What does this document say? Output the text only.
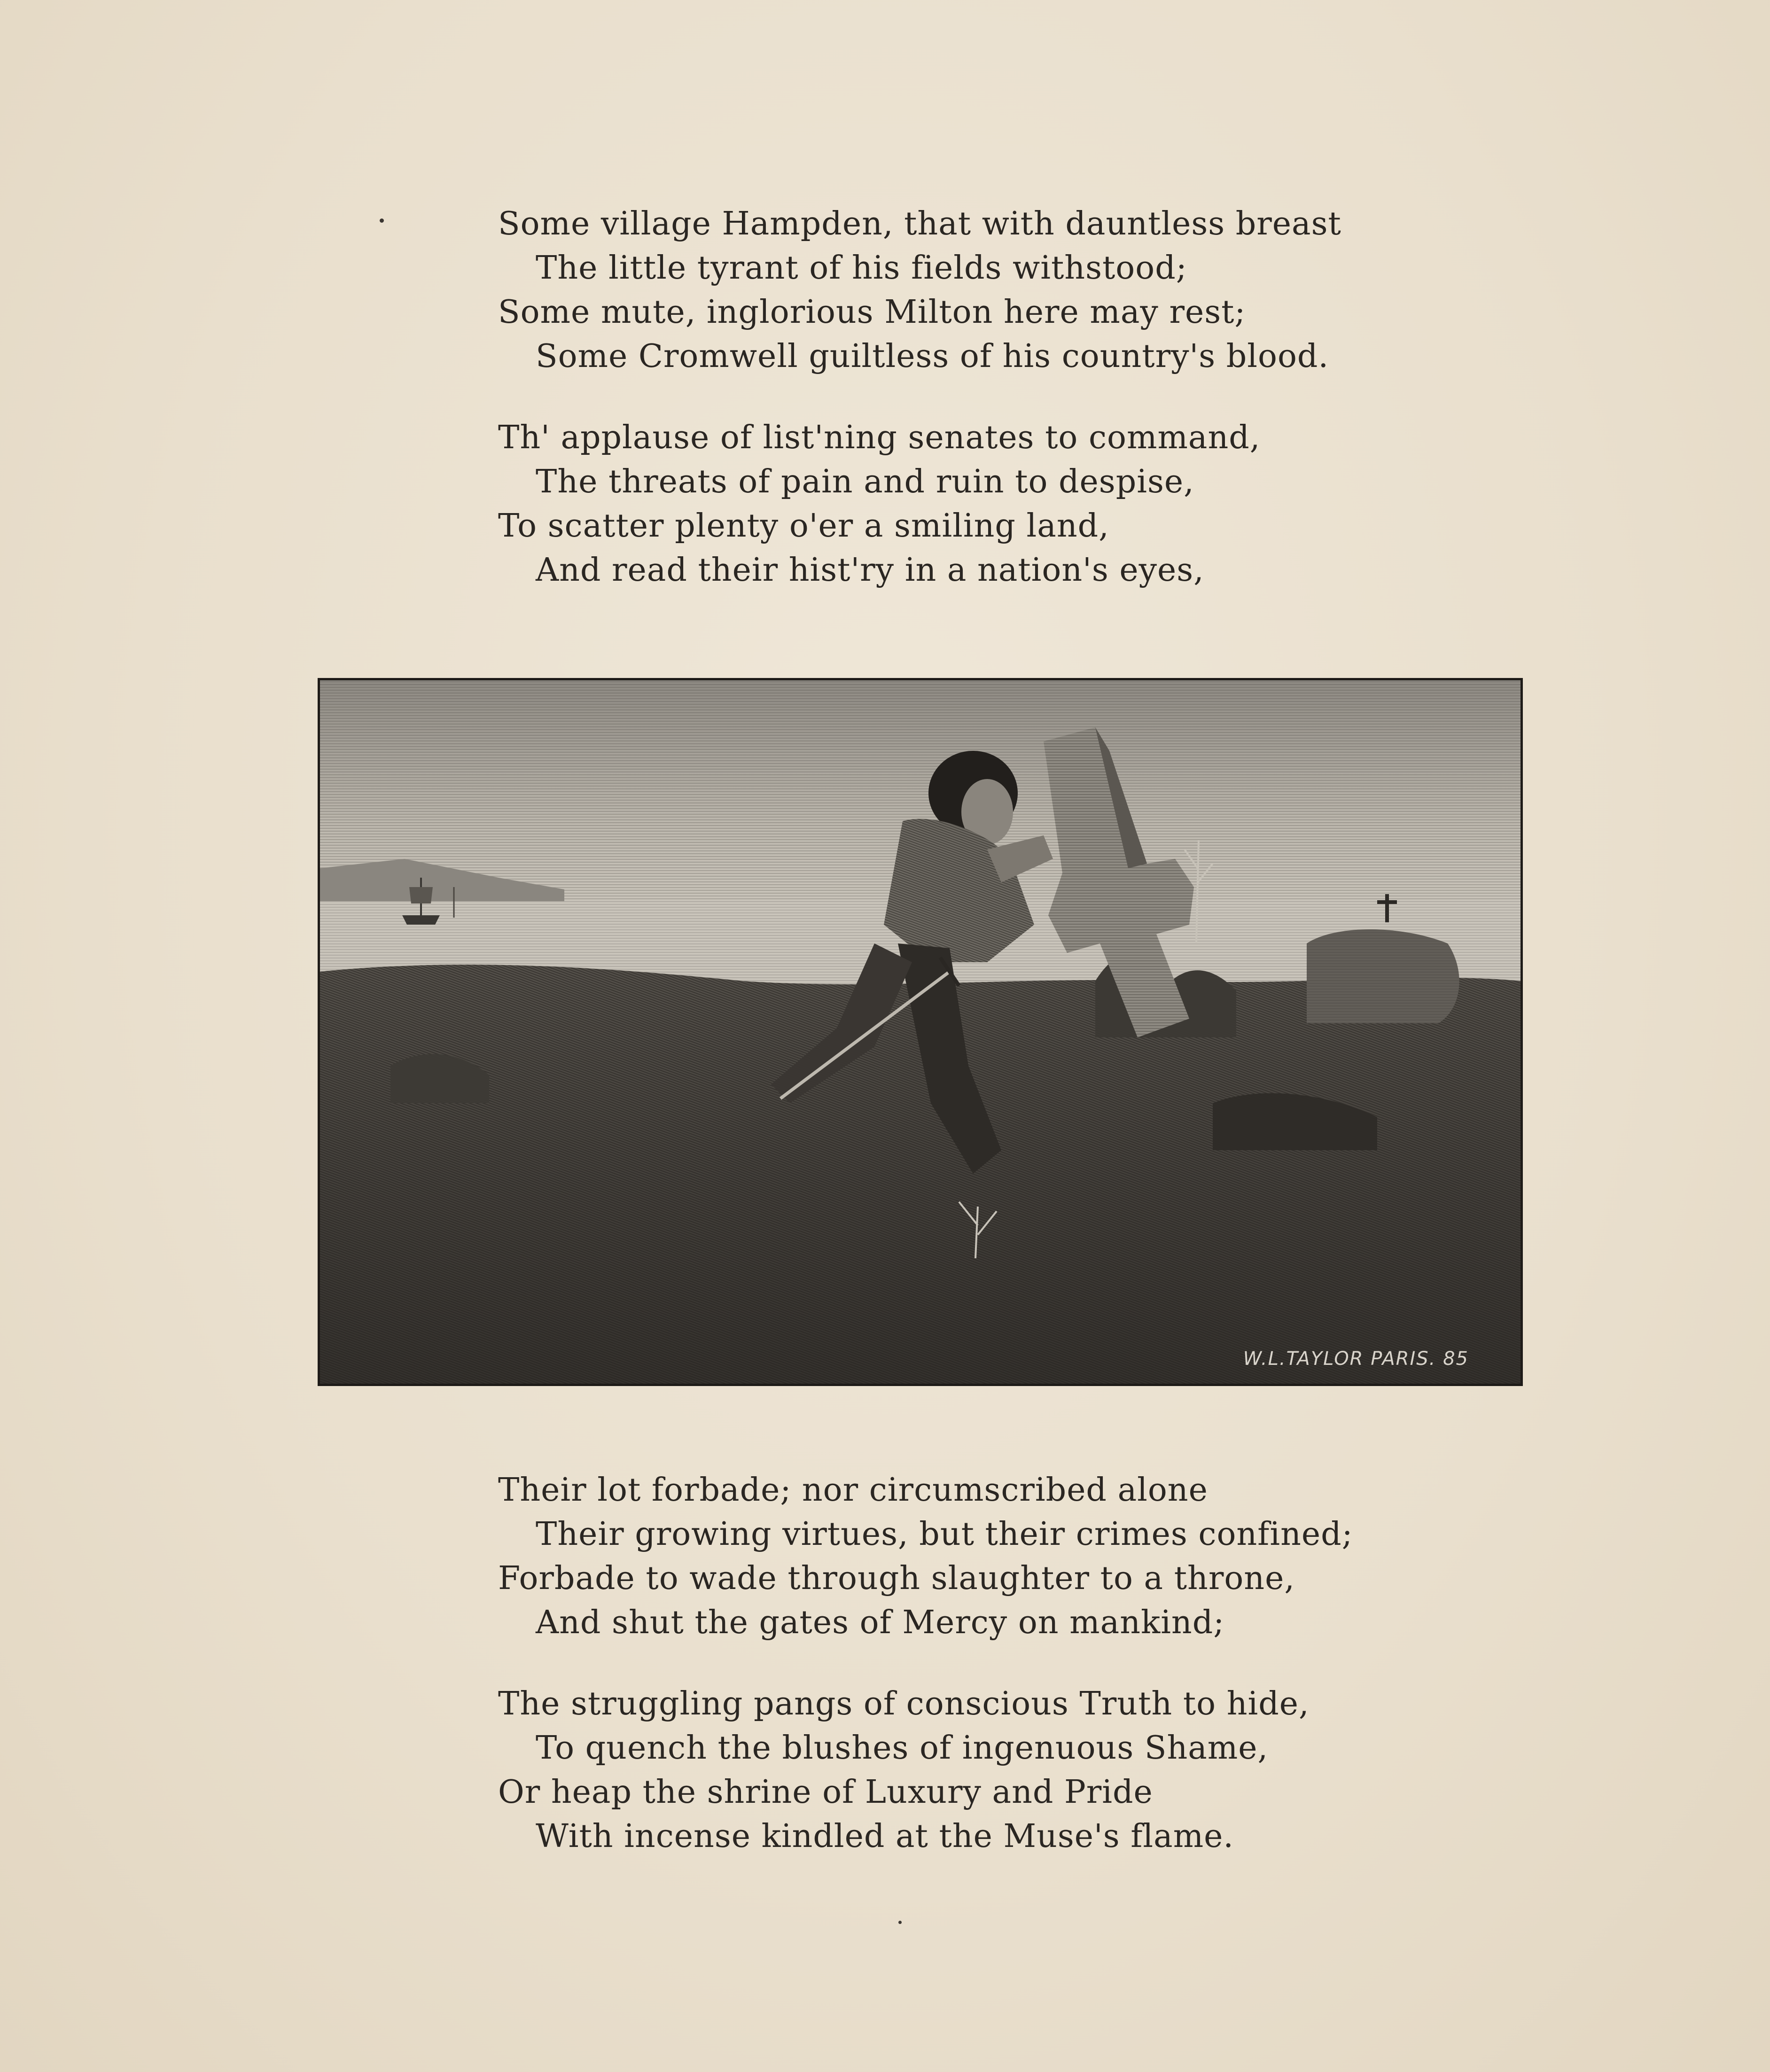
Some village Hampden, that with dauntless breast
The little tyrant of his fields withstood;
Some mute, inglorious Milton here may rest;
Some Cromwell guiltless of his country's blood.
Th' applause of list'ning senates to command,
The threats of pain and ruin to despise,
To scatter plenty o'er a smiling land,
And read their hist'ry in a nation's eyes,
W.L.TAYLOR PARIS. 85
Their lot forbade; nor circumscribed alone
Their growing virtues, but their crimes confined;
Forbade to wade through slaughter to a throne,
And shut the gates of Mercy on mankind;
The struggling pangs of conscious Truth to hide,
To quench the blushes of ingenuous Shame,
Or heap the shrine of Luxury and Pride
With incense kindled at the Muse's flame.
